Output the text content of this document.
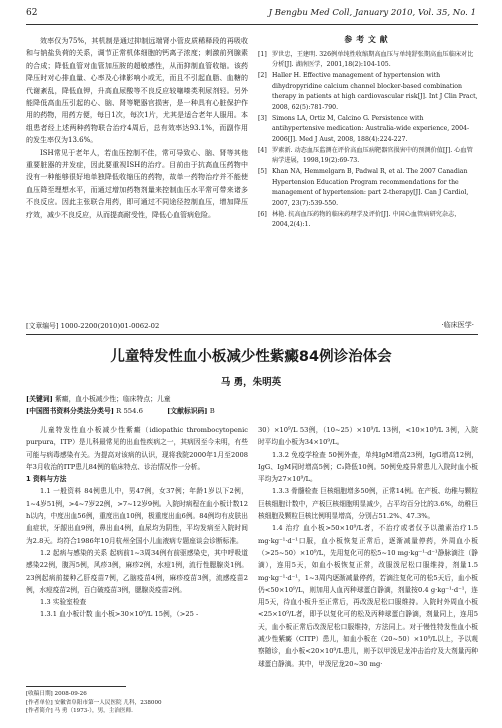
62	J Bengbu Med Coll, January 2010, Vol. 35, No. 1

效率仅为75%，其机制是通过抑制远端肾小管皮质稀释段的再吸收和与钠盐负荷的关系，调节正常机体细胞的钙离子浓度；刺激前列腺素的合成；降低血管对血管加压胺的超敏感性，从而抑制血管收缩。该药降压时对心排血量、心率及心律影响小或无，而且不引起血脂、血糖的代谢紊乱，降低血钾，升高血尿酸等不良反应较噻嗪类利尿剂轻。另外能降低高血压引起的心、脑、肾等靶器官损害，是一种具有心脏保护作用的药物，用药方便，每日1次，每次1片，尤其是适合老年人服用。本组患者经上述两种药物联合治疗4周后，总有效率达93.1%，而副作用的发生率仅为13.6%。

ISH常见于老年人，若血压控制不佳，常可导致心、脑、肾等其他重要脏器的并发症，因此要重视ISH的治疗。目前由于抗高血压药物中没有一种能够很好地单独降低收缩压的药物，故单一药物治疗并不能使血压降至理想水平，而通过增加药物剂量来控制血压水平常可带来诸多不良反应。因此主张联合用药，即可通过不同途径控制血压，增加降压疗效，减少不良反应，从而提高耐受性，降低心血管病危险。

参考文献
[1] 罗世忠，王建明. 326例单纯性收缩期高血压与单纯舒张期高血压临床对比分析[J]. 湖南医学，2001,18(2):104-105.
[2] Haller H. Effective management of hypertension with dihydropyridine calcium channel blocker-based combination therapy in patients at high cardiovascular risk[J]. Int J Clin Pract, 2008, 62(5):781-790.
[3] Simons LA, Ortiz M, Calcino G. Persistence with antihypertensive medication: Australia-wide experience, 2004-2006[J]. Med J Aust, 2008, 188(4):224-227.
[4] 罗素新. 动态血压监测在评价高血压病靶器官损害中的预测价值[J]. 心血管病学进展，1998,19(2):69-73.
[5] Khan NA, Hemmelgarn B, Padwal R, et al. The 2007 Canadian Hypertension Education Program recommendations for the management of hypertension: part 2-therapy[J]. Can J Cardiol, 2007, 23(7):539-550.
[6] 林艳. 抗高血压药物的临床药理学及评价[J]. 中国心血管病研究杂志，2004,2(4):1.
[文章编号] 1000-2200(2010)01-0062-02	·临床医学·
儿童特发性血小板减少性紫癜84例诊治体会
马 勇，朱明英
[关键词] 紫癜，血小板减少性；临床特点；儿童
[中国图书资料分类法分类号] R 554.6	[文献标识码] B

儿童特发性血小板减少性紫癜（idiopathic thrombocytopenic purpura，ITP）是儿科最常见的出血性疾病之一，其病因至今未明，有些可能与病毒感染有关。为提高对该病的认识，现将我院2000年1月至2008年3月收治的ITP患儿84例的临床特点、诊治情况作一分析。

1 资料与方法

1.1 一般资料 84例患儿中，男47例，女37例；年龄1岁以下2例，1~4岁51例，>4~7岁22例，>7~12岁9例。入院时病程在血小板计数12 h以内，中度出血56例，重度出血10例，极重度出血6例。84例均有皮肤出血症状，牙龈出血9例，鼻出血4例，血尿均为阴性，平均发病至入院时间为2.8天。均符合1986年10月杭州全国小儿血液病专题座谈会诊断标准。

1.2 起病与感染的关系 起病前1~3周34例有前驱感染史，其中呼吸道感染22例，腹泻5例，风疹3例，麻疹2例，水痘1例，流行性腮腺炎1例。23例起病前接种乙肝疫苗7例，乙脑疫苗4例，麻疹疫苗3例，流感疫苗2例，水痘疫苗2例，百白破疫苗3例，腮腺炎疫苗2例。

1.3 实验室检查

1.3.1 血小板计数 血小板>30×10⁹/L 15例，（>25 -

30）×10⁹/L 53例，（10~25）×10⁹/L 13例，<10×10⁹/L 3例，入院时平均血小板为34×10⁹/L。

1.3.2 免疫学检查 50例外查，单纯IgM增高23例，IgG增高12例，IgG、IgM同时增高5例；C₃降低10例。50例免疫异常患儿入院时血小板平均为27×10⁹/L。

1.3.3 骨髓检查 巨核细胞增多50例，正常14例。在产板、幼稚与颗粒巨核细胞计数中，产板巨核细胞明显减少，占平均百分比的3.6%，幼稚巨核细胞及颗粒巨核比例明显增高，分别占51.2%、47.3%。

1.4 治疗 血小板>50×10⁹/L者，不治疗或者仅予以激素治疗1.5 mg·kg⁻¹·d⁻¹口服，血小板恢复正常后，逐渐减量停药，外周血小板（>25~50）×10⁹/L，先用复化可的松5~10 mg·kg⁻¹·d⁻¹静脉滴注（静滴），连用5天，如血小板恢复正常，改服泼尼松口服维持，剂量1.5 mg·kg⁻¹·d⁻¹，1~3周内逐渐减量停药，若滴注复化可的松5天后，血小板仍<50×10⁹/L，则加用人血丙种球蛋白静滴，剂量按0.4 g·kg⁻¹·d⁻¹，连用5天，待血小板升至正常后，再改泼尼松口服维持。入院时外周血小板<25×10⁹/L者，即予以复化可的松及丙种球蛋白静滴，剂量同上，连用5天，血小板正常后改泼尼松口服维持，方法同上。对于慢性特发性血小板减少性紫癜（CITP）患儿，如血小板在（20~50）×10⁹/L以上，予以观察随诊，血小板<20×10⁹/L患儿，则予以甲泼尼龙冲击治疗及大剂量丙种球蛋白静滴。其中，甲泼尼龙20~30 mg·

[收稿日期] 2008-09-26
[作者单位] 安徽省阜阳市第一人民医院 儿科，238000
[作者简介] 马 勇（1973-），男，主治医师.
